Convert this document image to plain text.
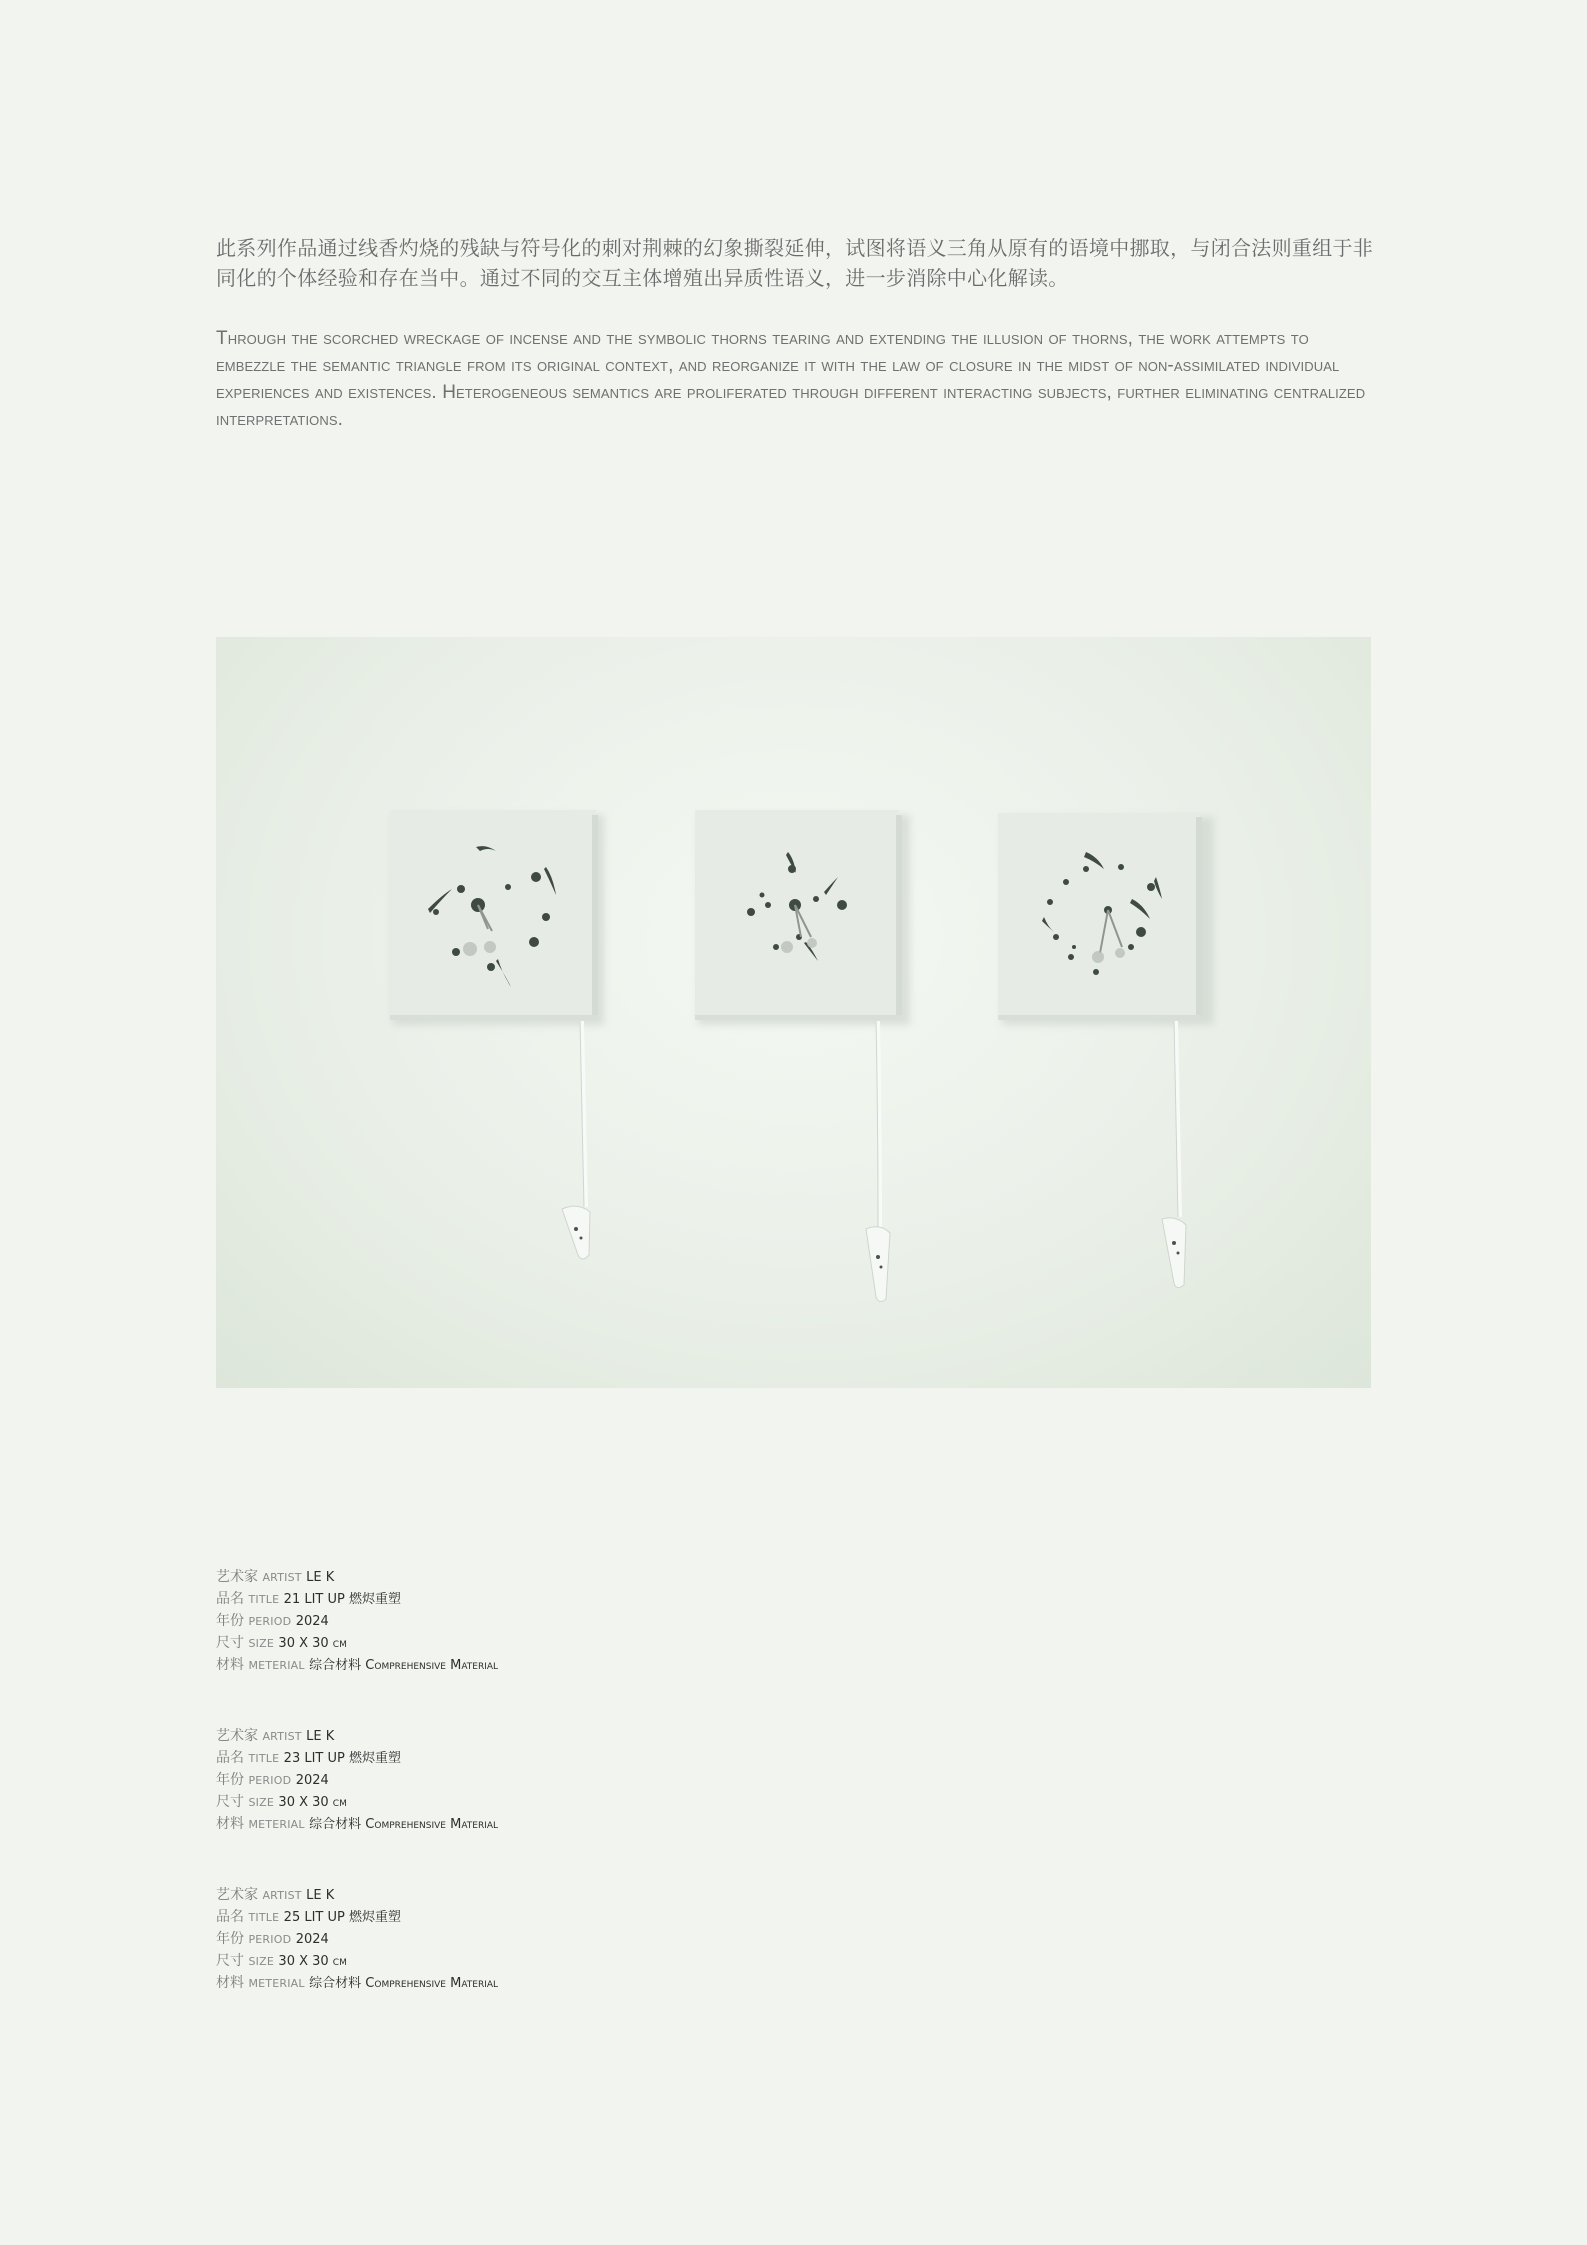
此系列作品通过线香灼烧的残缺与符号化的刺对荆棘的幻象撕裂延伸，试图将语义三角从原有的语境中挪取，与闭合法则重组于非同化的个体经验和存在当中。通过不同的交互主体增殖出异质性语义，进一步消除中心化解读。
Through the scorched wreckage of incense and the symbolic thorns tearing and extending the illusion of thorns, the work attempts to embezzle the semantic triangle from its original context, and reorganize it with the law of closure in the midst of non-assimilated individual experiences and existences. Heterogeneous semantics are proliferated through different interacting subjects, further eliminating centralized interpretations.
艺术家 ARTIST LE K
品名 TITLE 21 LIT UP 燃烬重塑
年份 PERIOD 2024
尺寸 SIZE 30 X 30 cm
材料 METERIAL 综合材料 Comprehensive Material
艺术家 ARTIST LE K
品名 TITLE 23 LIT UP 燃烬重塑
年份 PERIOD 2024
尺寸 SIZE 30 X 30 cm
材料 METERIAL 综合材料 Comprehensive Material
艺术家 ARTIST LE K
品名 TITLE 25 LIT UP 燃烬重塑
年份 PERIOD 2024
尺寸 SIZE 30 X 30 cm
材料 METERIAL 综合材料 Comprehensive Material
